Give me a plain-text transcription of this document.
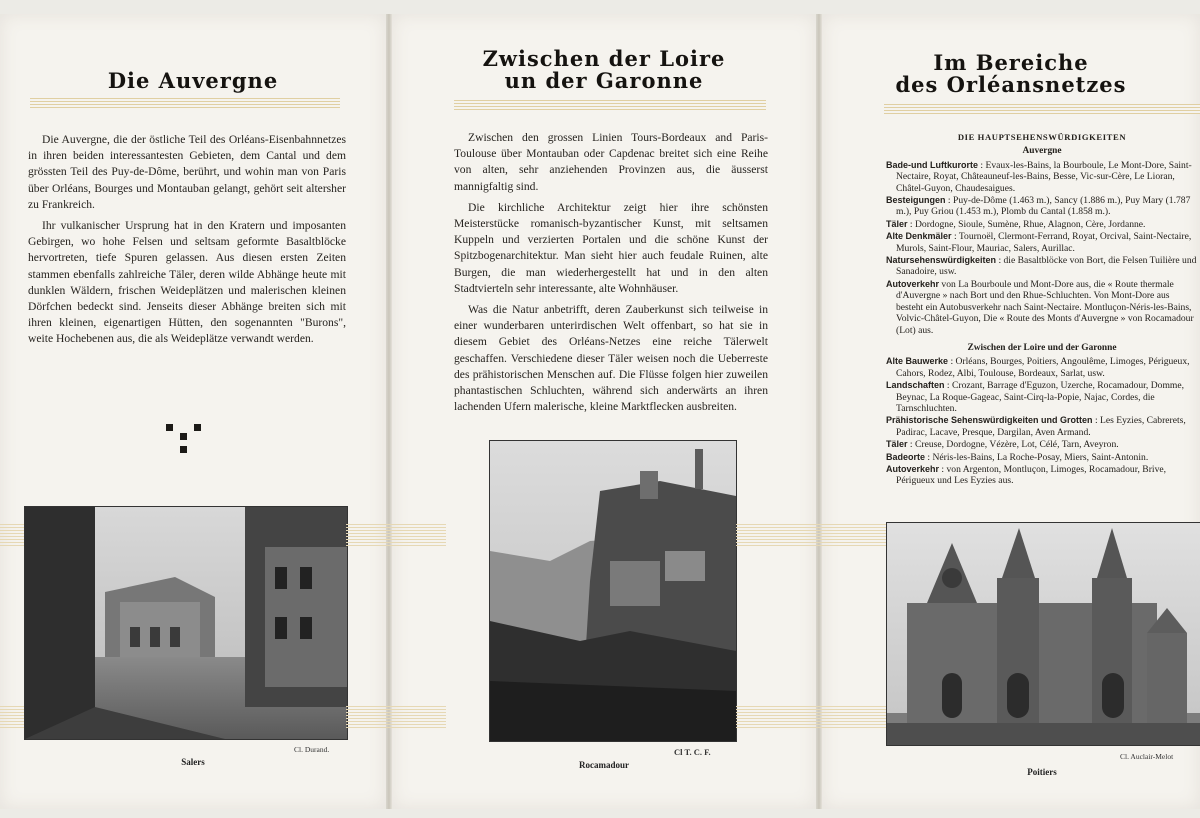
Die Auvergne

Die Auvergne, die der östliche Teil des Orléans-Eisenbahnnetzes in ihren beiden interessantesten Gebieten, dem Cantal und dem grössten Teil des Puy-de-Dôme, berührt, und wohin man von Paris über Orléans, Bourges und Montauban gelangt, gehört seit altersher zu Frankreich.

Ihr vulkanischer Ursprung hat in den Kratern und imposanten Gebirgen, wo hohe Felsen und seltsam geformte Basaltblöcke hervortreten, tiefe Spuren gelassen. Aus diesen ersten Zeiten stammen ebenfalls zahlreiche Täler, deren wilde Abhänge heute mit dunklen Wäldern, frischen Weideplätzen und malerischen kleinen Dörfchen bedeckt sind. Jenseits dieser Abhänge breiten sich mit ihren kleinen, eigenartigen Hütten, den sogenannten "Burons", weite Hochebenen aus, die als Weideplätze verwandt werden.

Cl. Durand.
Salers
Zwischen der Loire
un der Garonne

Zwischen den grossen Linien Tours-Bordeaux and Paris-Toulouse über Montauban oder Capdenac breitet sich eine Reihe von alten, sehr anziehenden Provinzen aus, die äusserst mannigfaltig sind.

Die kirchliche Architektur zeigt hier ihre schönsten Meisterstücke romanisch-byzantischer Kunst, mit seltsamen Kuppeln und verzierten Portalen und die schöne Kunst der Spitzbogenarchitektur. Man sieht hier auch feudale Ruinen, alte Burgen, die man wiederhergestellt hat und in den alten Stadtvierteln sehr interessante, alte Wohnhäuser.

Was die Natur anbetrifft, deren Zauberkunst sich teilweise in einer wunderbaren unterirdischen Welt offenbart, so hat sie in diesem Gebiet des Orléans-Netzes eine reiche Tälerwelt geschaffen. Verschiedene dieser Täler weisen noch die Ueberreste des prähistorischen Menschen auf. Die Flüsse folgen hier zuweilen phantastischen Schluchten, während sich anderwärts an ihren lachenden Ufern malerische, kleine Marktflecken ausbreiten.

Cl T. C. F.
Rocamadour
Im Bereiche
des Orléansnetzes
DIE HAUPTSEHENSWÜRDIGKEITEN
Auvergne
Bade-und Luftkurorte : Evaux-les-Bains, la Bourboule, Le Mont-Dore, Saint-Nectaire, Royat, Châteauneuf-les-Bains, Besse, Vic-sur-Cère, Le Lioran, Châtel-Guyon, Chaudesaigues.
Besteigungen : Puy-de-Dôme (1.463 m.), Sancy (1.886 m.), Puy Mary (1.787 m.), Puy Griou (1.453 m.), Plomb du Cantal (1.858 m.).
Täler : Dordogne, Sioule, Sumène, Rhue, Alagnon, Cère, Jordanne.
Alte Denkmäler : Tournoël, Clermont-Ferrand, Royat, Orcival, Saint-Nectaire, Murols, Saint-Flour, Mauriac, Salers, Aurillac.
Natursehenswürdigkeiten : die Basaltblöcke von Bort, die Felsen Tuilière und Sanadoire, usw.
Autoverkehr von La Bourboule und Mont-Dore aus, die « Route thermale d'Auvergne » nach Bort und den Rhue-Schluchten. Von Mont-Dore aus besteht ein Autobusverkehr nach Saint-Nectaire. Montluçon-Néris-les-Bains, Volvic-Châtel-Guyon, Die « Route des Monts d'Auvergne » von Rocamadour (Lot) aus.
Zwischen der Loire und der Garonne
Alte Bauwerke : Orléans, Bourges, Poitiers, Angoulême, Limoges, Périgueux, Cahors, Rodez, Albi, Toulouse, Bordeaux, Sarlat, usw.
Landschaften : Crozant, Barrage d'Eguzon, Uzerche, Rocamadour, Domme, Beynac, La Roque-Gageac, Saint-Cirq-la-Popie, Najac, Cordes, die Tarnschluchten.
Prähistorische Sehenswürdigkeiten und Grotten : Les Eyzies, Cabrerets, Padirac, Lacave, Presque, Dargilan, Aven Armand.
Täler : Creuse, Dordogne, Vézère, Lot, Célé, Tarn, Aveyron.
Badeorte : Néris-les-Bains, La Roche-Posay, Miers, Saint-Antonin.
Autoverkehr : von Argenton, Montluçon, Limoges, Rocamadour, Brive, Périgueux und Les Eyzies aus.
Cl. Auclair-Melot
Poitiers
